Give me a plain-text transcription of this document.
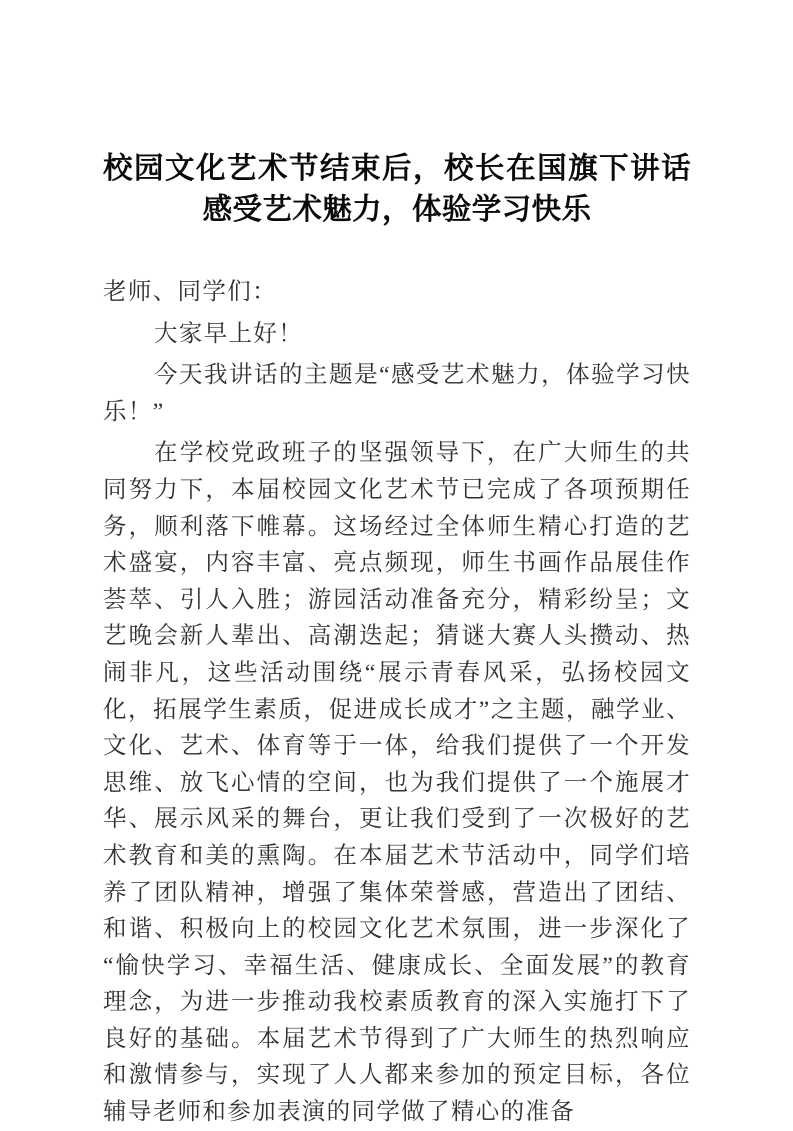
校园文化艺术节结束后，校长在国旗下讲话感受艺术魅力，体验学习快乐

老师、同学们：

大家早上好！

今天我讲话的主题是“感受艺术魅力，体验学习快乐！”

在学校党政班子的坚强领导下，在广大师生的共同努力下，本届校园文化艺术节已完成了各项预期任务，顺利落下帷幕。这场经过全体师生精心打造的艺术盛宴，内容丰富、亮点频现，师生书画作品展佳作荟萃、引人入胜；游园活动准备充分，精彩纷呈；文艺晚会新人辈出、高潮迭起；猜谜大赛人头攒动、热闹非凡，这些活动围绕“展示青春风采，弘扬校园文化，拓展学生素质，促进成长成才”之主题，融学业、文化、艺术、体育等于一体，给我们提供了一个开发思维、放飞心情的空间，也为我们提供了一个施展才华、展示风采的舞台，更让我们受到了一次极好的艺术教育和美的熏陶。在本届艺术节活动中，同学们培养了团队精神，增强了集体荣誉感，营造出了团结、和谐、积极向上的校园文化艺术氛围，进一步深化了“愉快学习、幸福生活、健康成长、全面发展”的教育理念，为进一步推动我校素质教育的深入实施打下了良好的基础。本届艺术节得到了广大师生的热烈响应和激情参与，实现了人人都来参加的预定目标，各位辅导老师和参加表演的同学做了精心的准备
